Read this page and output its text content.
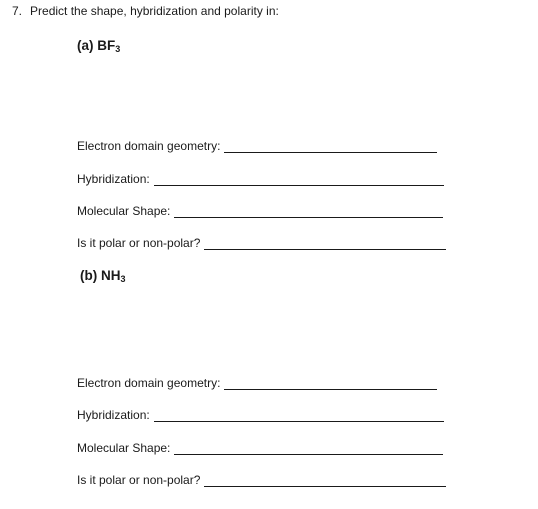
7. Predict the shape, hybridization and polarity in:
(a) $BF_3$
Electron domain geometry:
Hybridization:
Molecular Shape:
Is it polar or non-polar?
(b) $NH_3$
Electron domain geometry:
Hybridization:
Molecular Shape:
Is it polar or non-polar?
